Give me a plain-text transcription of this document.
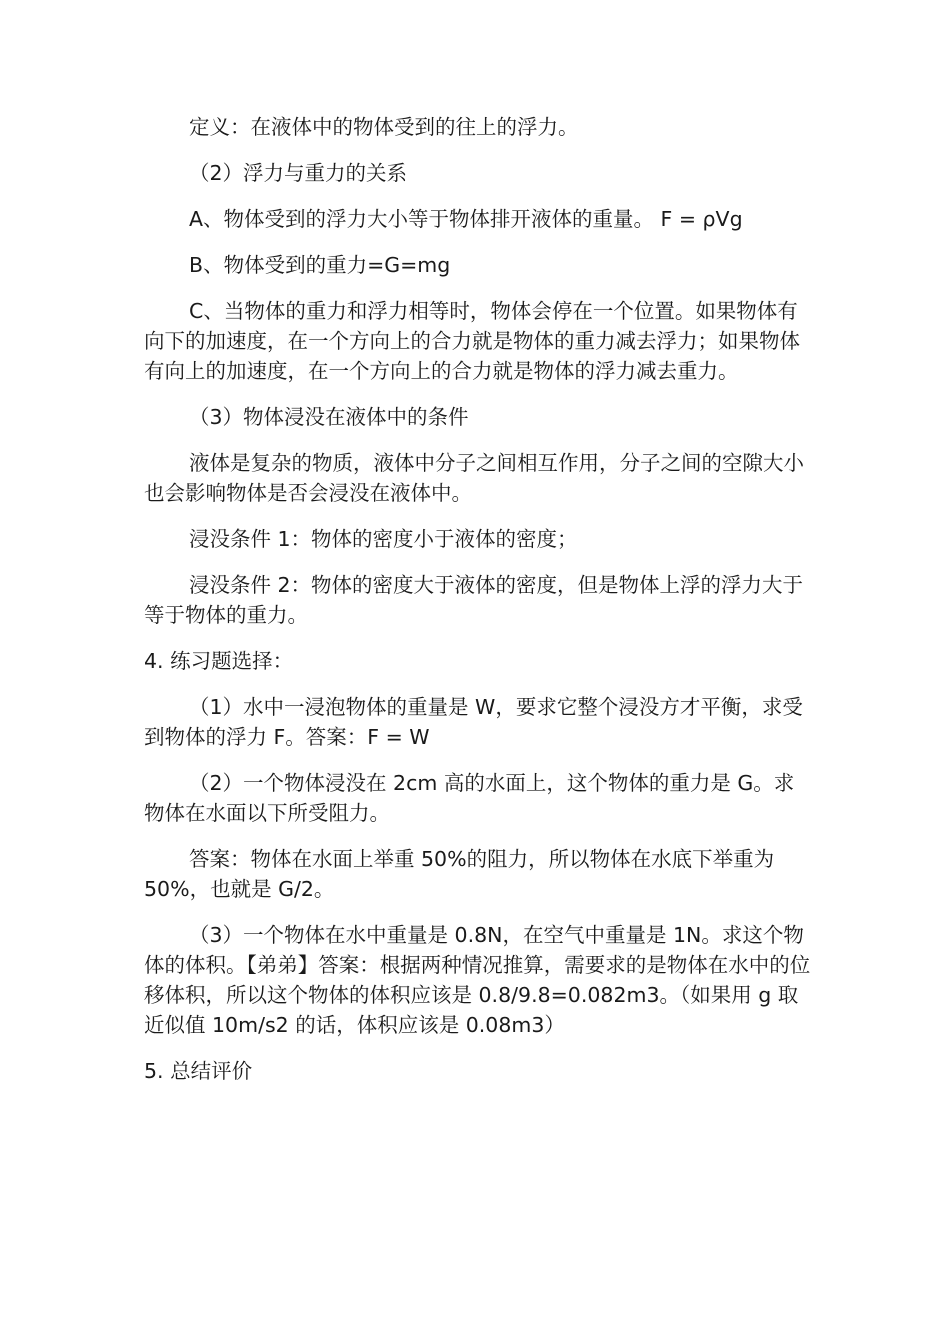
定义：在液体中的物体受到的往上的浮力。

（2）浮力与重力的关系

A、物体受到的浮力大小等于物体排开液体的重量。 F = ρVg

B、物体受到的重力=G=mg

C、当物体的重力和浮力相等时，物体会停在一个位置。如果物体有向下的加速度，在一个方向上的合力就是物体的重力减去浮力；如果物体有向上的加速度，在一个方向上的合力就是物体的浮力减去重力。

（3）物体浸没在液体中的条件

液体是复杂的物质，液体中分子之间相互作用，分子之间的空隙大小也会影响物体是否会浸没在液体中。

浸没条件 1：物体的密度小于液体的密度；

浸没条件 2：物体的密度大于液体的密度，但是物体上浮的浮力大于等于物体的重力。

4. 练习题选择：

（1）水中一浸泡物体的重量是 W，要求它整个浸没方才平衡，求受到物体的浮力 F。答案：F = W

（2）一个物体浸没在 2cm 高的水面上，这个物体的重力是 G。求物体在水面以下所受阻力。

答案：物体在水面上举重 50%的阻力，所以物体在水底下举重为 50%，也就是 G/2。

（3）一个物体在水中重量是 0.8N，在空气中重量是 1N。求这个物体的体积。【弟弟】答案：根据两种情况推算，需要求的是物体在水中的位移体积，所以这个物体的体积应该是 0.8/9.8=0.082m3。（如果用 g 取近似值 10m/s2 的话，体积应该是 0.08m3）

5. 总结评价
